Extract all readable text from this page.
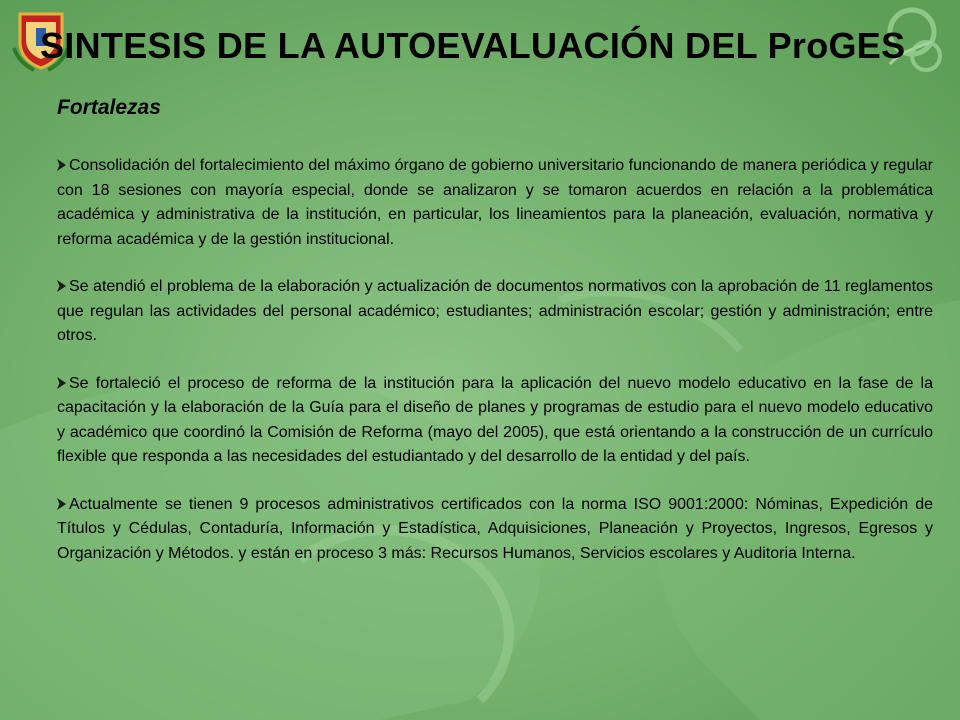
SINTESIS DE LA AUTOEVALUACIÓN DEL ProGES
Fortalezas

Consolidación del fortalecimiento del máximo órgano de gobierno universitario funcionando de manera periódica y regular con 18 sesiones con mayoría especial, donde se analizaron y se tomaron acuerdos en relación a la problemática académica y administrativa de la institución, en particular, los lineamientos para la planeación, evaluación, normativa y reforma académica y de la gestión institucional.

Se atendió el problema de la elaboración y actualización de documentos normativos con la aprobación de 11 reglamentos que regulan las actividades del personal académico; estudiantes; administración escolar; gestión y administración; entre otros.

Se fortaleció el proceso de reforma de la institución para la aplicación del nuevo modelo educativo en la fase de la capacitación y la elaboración de la Guía para el diseño de planes y programas de estudio para el nuevo modelo educativo y académico que coordinó la Comisión de Reforma (mayo del 2005), que está orientando a la construcción de un currículo flexible que responda a las necesidades del estudiantado y del desarrollo de la entidad y del país.

Actualmente se tienen 9 procesos administrativos certificados con la norma ISO 9001:2000: Nóminas, Expedición de Títulos y Cédulas, Contaduría, Información y Estadística, Adquisiciones, Planeación y Proyectos, Ingresos, Egresos y Organización y Métodos. y están en proceso 3 más: Recursos Humanos, Servicios escolares y Auditoria Interna.
